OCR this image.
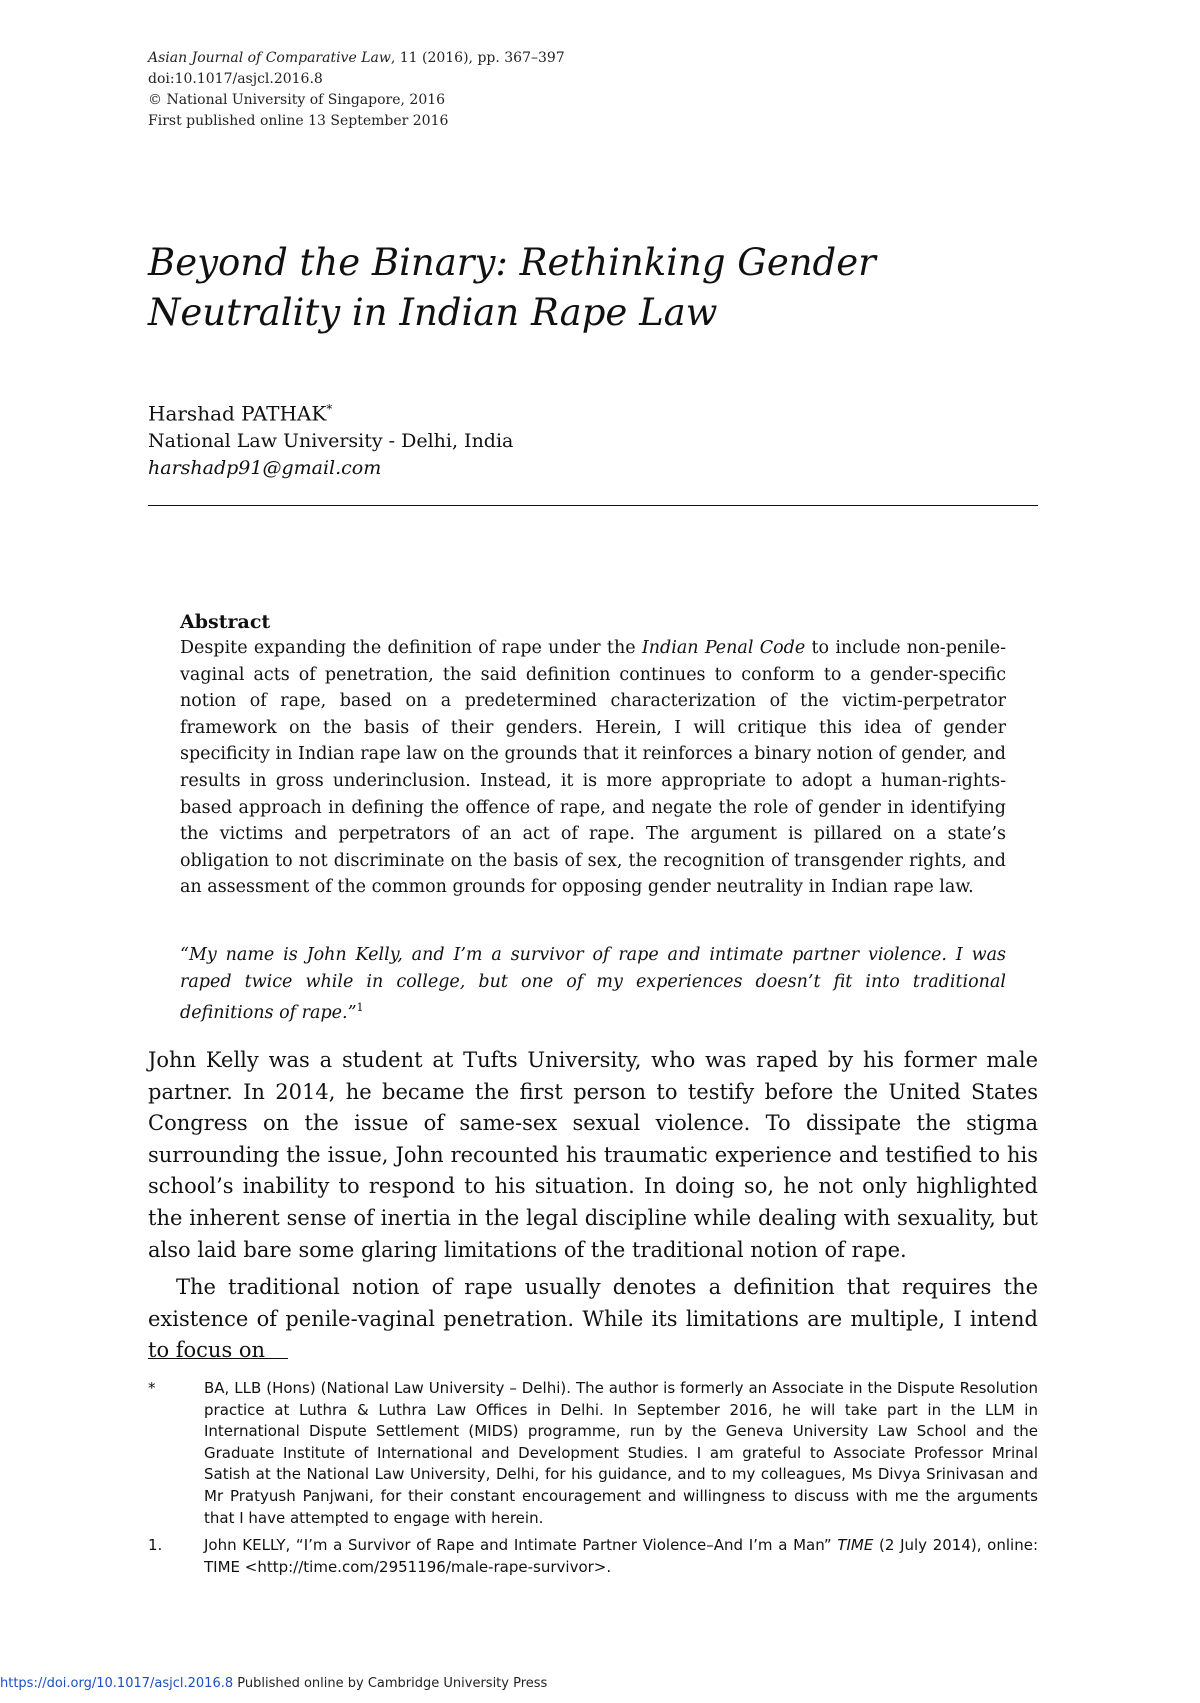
Asian Journal of Comparative Law, 11 (2016), pp. 367–397
doi:10.1017/asjcl.2016.8
© National University of Singapore, 2016
First published online 13 September 2016
Beyond the Binary: Rethinking Gender
Neutrality in Indian Rape Law
Harshad PATHAK*
National Law University - Delhi, India
harshadp91@gmail.com
Abstract

Despite expanding the definition of rape under the Indian Penal Code to include non-penile-vaginal acts of penetration, the said definition continues to conform to a gender-specific notion of rape, based on a predetermined characterization of the victim-perpetrator framework on the basis of their genders. Herein, I will critique this idea of gender specificity in Indian rape law on the grounds that it reinforces a binary notion of gender, and results in gross underinclusion. Instead, it is more appropriate to adopt a human-rights-based approach in defining the offence of rape, and negate the role of gender in identifying the victims and perpetrators of an act of rape. The argument is pillared on a state’s obligation to not discriminate on the basis of sex, the recognition of transgender rights, and an assessment of the common grounds for opposing gender neutrality in Indian rape law.

“My name is John Kelly, and I’m a survivor of rape and intimate partner violence. I was raped twice while in college, but one of my experiences doesn’t fit into traditional definitions of rape.”$^1$

John Kelly was a student at Tufts University, who was raped by his former male partner. In 2014, he became the first person to testify before the United States Congress on the issue of same-sex sexual violence. To dissipate the stigma surrounding the issue, John recounted his traumatic experience and testified to his school’s inability to respond to his situation. In doing so, he not only highlighted the inherent sense of inertia in the legal discipline while dealing with sexuality, but also laid bare some glaring limitations of the traditional notion of rape.

The traditional notion of rape usually denotes a definition that requires the existence of penile-vaginal penetration. While its limitations are multiple, I intend to focus on

*	BA, LLB (Hons) (National Law University – Delhi). The author is formerly an Associate in the Dispute Resolution practice at Luthra & Luthra Law Offices in Delhi. In September 2016, he will take part in the LLM in International Dispute Settlement (MIDS) programme, run by the Geneva University Law School and the Graduate Institute of International and Development Studies. I am grateful to Associate Professor Mrinal Satish at the National Law University, Delhi, for his guidance, and to my colleagues, Ms Divya Srinivasan and Mr Pratyush Panjwani, for their constant encouragement and willingness to discuss with me the arguments that I have attempted to engage with herein.
1.	John KELLY, “I’m a Survivor of Rape and Intimate Partner Violence–And I’m a Man” TIME (2 July 2014), online: TIME <http://time.com/2951196/male-rape-survivor>.
https://doi.org/10.1017/asjcl.2016.8 Published online by Cambridge University Press
